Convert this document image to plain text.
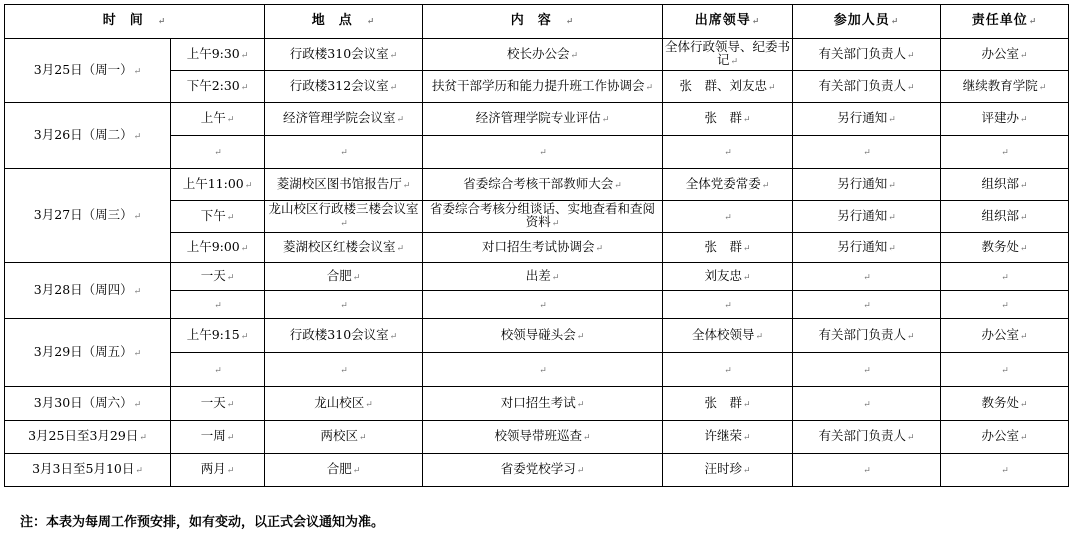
时间↵		地点↵	内容↵	出席领导↵	参加人员↵	责任单位↵
3月25日（周一）↵	上午9:30↵	行政楼310会议室↵	校长办公会↵	全体行政领导、纪委书记↵	有关部门负责人↵	办公室↵
	下午2:30↵	行政楼312会议室↵	扶贫干部学历和能力提升班工作协调会↵	张　群、刘友忠↵	有关部门负责人↵	继续教育学院↵
3月26日（周二）↵	上午↵	经济管理学院会议室↵	经济管理学院专业评估↵	张　群↵	另行通知↵	评建办↵
	↵	↵	↵	↵	↵	↵
3月27日（周三）↵	上午11:00↵	菱湖校区图书馆报告厅↵	省委综合考核干部教师大会↵	全体党委常委↵	另行通知↵	组织部↵
	下午↵	龙山校区行政楼三楼会议室↵	省委综合考核分组谈话、实地查看和查阅资料↵	↵	另行通知↵	组织部↵
	上午9:00↵	菱湖校区红楼会议室↵	对口招生考试协调会↵	张　群↵	另行通知↵	教务处↵
3月28日（周四）↵	一天↵	合肥↵	出差↵	刘友忠↵	↵	↵
	↵	↵	↵	↵	↵	↵
3月29日（周五）↵	上午9:15↵	行政楼310会议室↵	校领导碰头会↵	全体校领导↵	有关部门负责人↵	办公室↵
	↵	↵	↵	↵	↵	↵
3月30日（周六）↵	一天↵	龙山校区↵	对口招生考试↵	张　群↵	↵	教务处↵
3月25日至3月29日↵	一周↵	两校区↵	校领导带班巡查↵	许继荣↵	有关部门负责人↵	办公室↵
3月3日至5月10日↵	两月↵	合肥↵	省委党校学习↵	汪时珍↵	↵	↵
注：本表为每周工作预安排，如有变动，以正式会议通知为准。
